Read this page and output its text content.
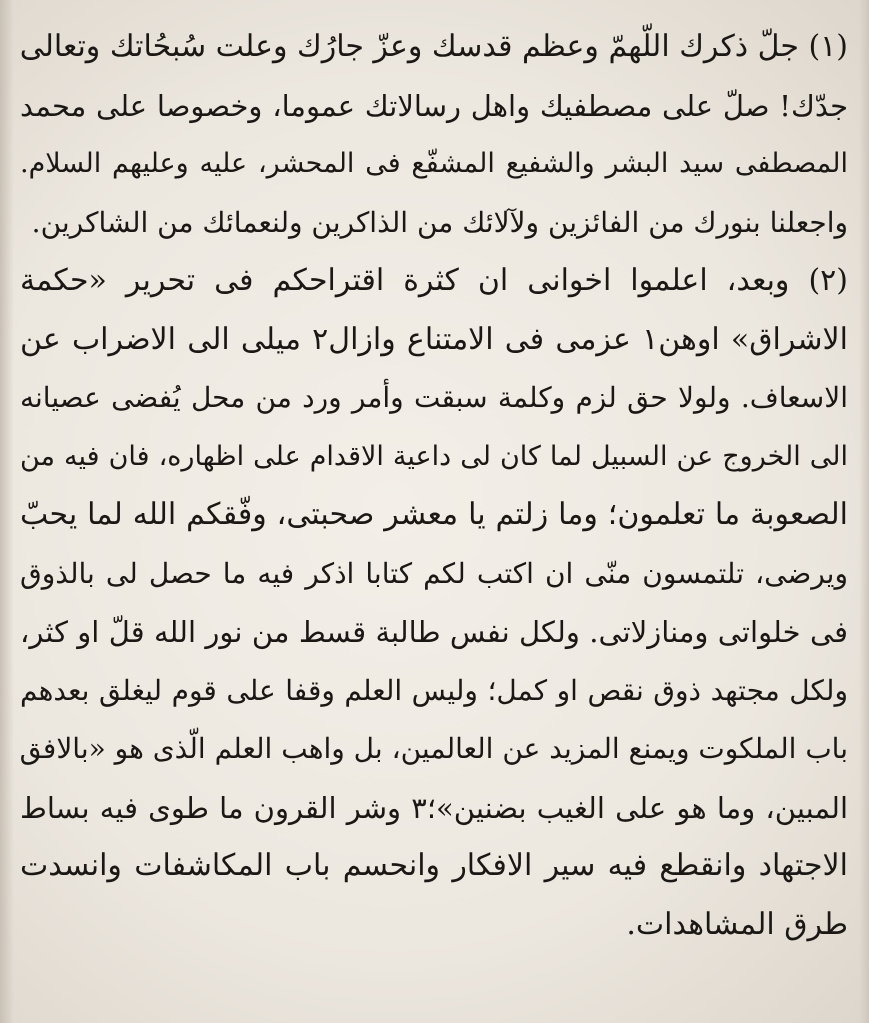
(١) جلّ ذكرك اللّهمّ وعظم قدسك وعزّ جارُك وعلت سُبحُاتك وتعالى
جدّك! صلّ على مصطفيك واهل رسالاتك عموما، وخصوصا على محمد
المصطفى سيد البشر والشفيع المشفّع فى المحشر، عليه وعليهم السلام.
واجعلنا بنورك من الفائزين ولآلائك من الذاكرين ولنعمائك من الشاكرين.
(٢) وبعد، اعلموا اخوانى ان كثرة اقتراحكم فى تحرير «حكمة
الاشراق» اوهن١ عزمى فى الامتناع وازال٢ ميلى الى الاضراب عن
الاسعاف. ولولا حق لزم وكلمة سبقت وأمر ورد من محل يُفضى عصيانه
الى الخروج عن السبيل لما كان لى داعية الاقدام على اظهاره، فان فيه من
الصعوبة ما تعلمون؛ وما زلتم يا معشر صحبتى، وفّقكم الله لما يحبّ
ويرضى، تلتمسون منّى ان اكتب لكم كتابا اذكر فيه ما حصل لى بالذوق
فى خلواتى ومنازلاتى. ولكل نفس طالبة قسط من نور الله قلّ او كثر،
ولكل مجتهد ذوق نقص او كمل؛ وليس العلم وقفا على قوم ليغلق بعدهم
باب الملكوت ويمنع المزيد عن العالمين، بل واهب العلم الّذى هو «بالافق
المبين، وما هو على الغيب بضنين»؛٣ وشر القرون ما طوى فيه بساط
الاجتهاد وانقطع فيه سير الافكار وانحسم باب المكاشفات وانسدت
طرق المشاهدات.
